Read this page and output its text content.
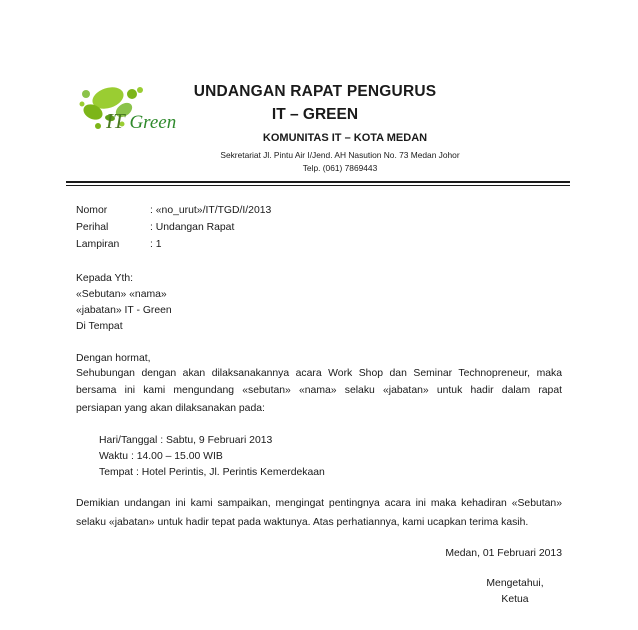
IT Green
UNDANGAN RAPAT PENGURUS
IT – GREEN
KOMUNITAS IT – KOTA MEDAN
Sekretariat Jl. Pintu Air I/Jend. AH Nasution No. 73 Medan Johor
Telp. (061) 7869443
Nomor	: «no_urut»/IT/TGD/I/2013
Perihal	: Undangan Rapat
Lampiran	: 1
Kepada Yth:
«Sebutan» «nama»
«jabatan» IT - Green
Di Tempat
Dengan hormat,
Sehubungan dengan akan dilaksanakannya acara Work Shop dan Seminar Technopreneur, maka
bersama ini kami mengundang «sebutan» «nama» selaku «jabatan» untuk hadir dalam rapat
persiapan yang akan dilaksanakan pada:
Hari/Tanggal : Sabtu, 9 Februari 2013
Waktu : 14.00 – 15.00 WIB
Tempat : Hotel Perintis, Jl. Perintis Kemerdekaan
Demikian undangan ini kami sampaikan, mengingat pentingnya acara ini maka kehadiran «Sebutan»
selaku «jabatan» untuk hadir tepat pada waktunya. Atas perhatiannya, kami ucapkan terima kasih.
Medan, 01 Februari 2013
Mengetahui,
Ketua
